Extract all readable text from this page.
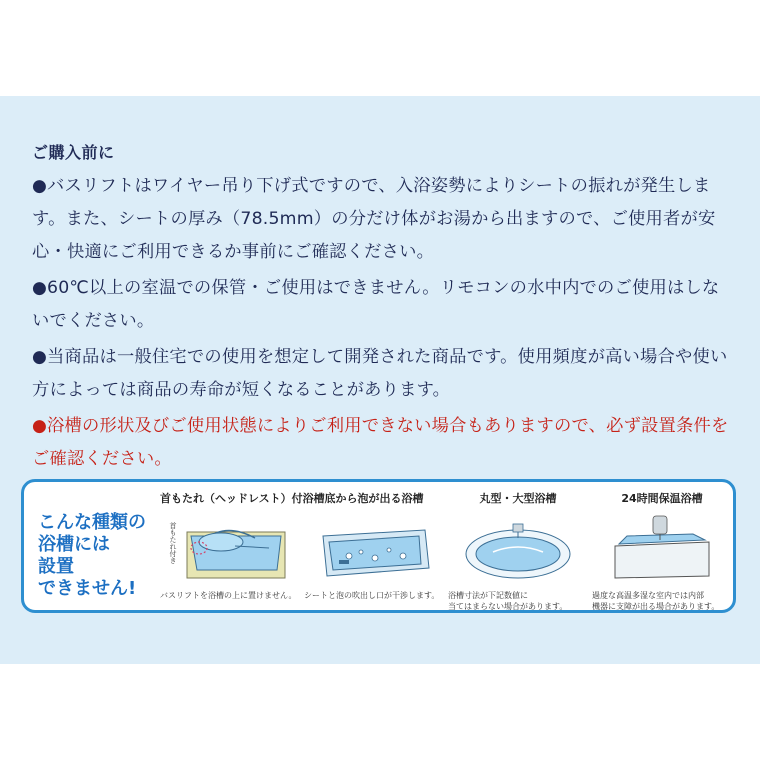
ご購入前に

●バスリフトはワイヤー吊り下げ式ですので、入浴姿勢によりシートの振れが発生します。また、シートの厚み（78.5mm）の分だけ体がお湯から出ますので、ご使用者が安心・快適にご利用できるか事前にご確認ください。

●60℃以上の室温での保管・ご使用はできません。リモコンの水中内でのご使用はしないでください。

●当商品は一般住宅での使用を想定して開発された商品です。使用頻度が高い場合や使い方によっては商品の寿命が短くなることがあります。

●浴槽の形状及びご使用状態によりご利用できない場合もありますので、必ず設置条件をご確認ください。

こんな種類の
浴槽には
設置
できません!
首もたれ（ヘッドレスト）付浴槽
首もたれ付き
バスリフトを浴槽の上に置けません。
底から泡が出る浴槽
シートと泡の吹出し口が干渉します。
丸型・大型浴槽
浴槽寸法が下記数値に
当てはまらない場合があります。
24時間保温浴槽
過度な高温多湿な室内では内部
機器に支障が出る場合があります。
